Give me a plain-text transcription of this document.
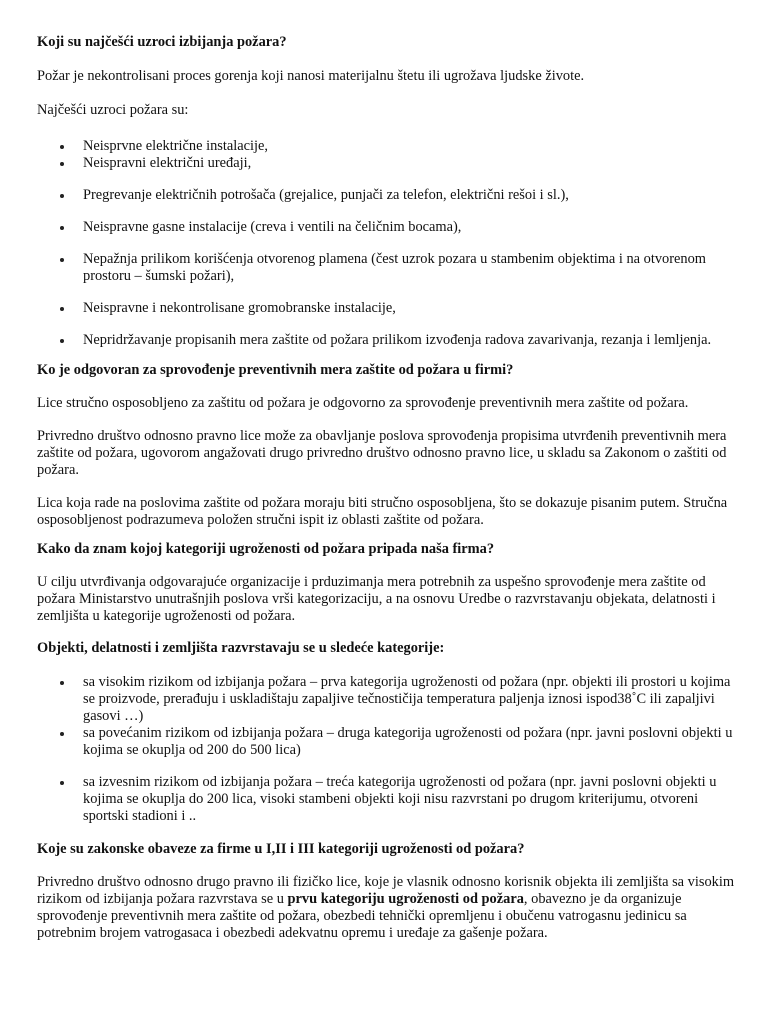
Koji su najčešći uzroci izbijanja požara?

Požar je nekontrolisani proces gorenja koji nanosi materijalnu štetu ili ugrožava ljudske živote.

Najčešći uzroci požara su:

Neisprvne električne instalacije,
Neispravni električni uređaji,
Pregrevanje električnih potrošača (grejalice, punjači za telefon, električni rešoi i sl.),
Neispravne gasne instalacije (creva i ventili na čeličnim bocama),
Nepažnja prilikom korišćenja otvorenog plamena (čest uzrok pozara u stambenim objektima i na otvorenom prostoru – šumski požari),
Neispravne i nekontrolisane gromobranske instalacije,
Nepridržavanje propisanih mera zaštite od požara prilikom izvođenja radova zavarivanja, rezanja i lemljenja.
Ko je odgovoran za sprovođenje preventivnih mera zaštite od požara u firmi?

Lice stručno osposobljeno za zaštitu od požara je odgovorno za sprovođenje preventivnih mera zaštite od požara.

Privredno društvo odnosno pravno lice može za obavljanje poslova sprovođenja propisima utvrđenih preventivnih mera zaštite od požara, ugovorom angažovati drugo privredno društvo odnosno pravno lice, u skladu sa Zakonom o zaštiti od požara.

Lica koja rade na poslovima zaštite od požara moraju biti stručno osposobljena, što se dokazuje pisanim putem. Stručna osposobljenost podrazumeva položen stručni ispit iz oblasti zaštite od požara.

Kako da znam kojoj kategoriji ugroženosti od požara pripada naša firma?

U cilju utvrđivanja odgovarajuće organizacije i prduzimanja mera potrebnih za uspešno sprovođenje mera zaštite od požara Ministarstvo unutrašnjih poslova vrši kategorizaciju, a na osnovu Uredbe o razvrstavanju objekata, delatnosti i zemljišta u kategorije ugroženosti od požara.

Objekti, delatnosti i zemljišta razvrstavaju se u sledeće kategorije:
sa visokim rizikom od izbijanja požara – prva kategorija ugroženosti od požara (npr. objekti ili prostori u kojima se proizvode, prerađuju i uskladištaju zapaljive tečnostičija temperatura paljenja iznosi ispod38˚C ili zapaljivi gasovi …)
sa povećanim rizikom od izbijanja požara – druga kategorija ugroženosti od požara (npr. javni poslovni objekti u kojima se okuplja od 200 do 500 lica)
sa izvesnim rizikom od izbijanja požara – treća kategorija ugroženosti od požara (npr. javni poslovni objekti u kojima se okuplja do 200 lica, visoki stambeni objekti koji nisu razvrstani po drugom kriterijumu, otvoreni sportski stadioni i ..
Koje su zakonske obaveze za firme u I,II i III kategoriji ugroženosti od požara?

Privredno društvo odnosno drugo pravno ili fizičko lice, koje je vlasnik odnosno korisnik objekta ili zemljišta sa visokim rizikom od izbijanja požara razvrstava se u prvu kategoriju ugroženosti od požara, obavezno je da organizuje sprovođenje preventivnih mera zaštite od požara, obezbedi tehnički opremljenu i obučenu vatrogasnu jedinicu sa potrebnim brojem vatrogasaca i obezbedi adekvatnu opremu i uređaje za gašenje požara.
